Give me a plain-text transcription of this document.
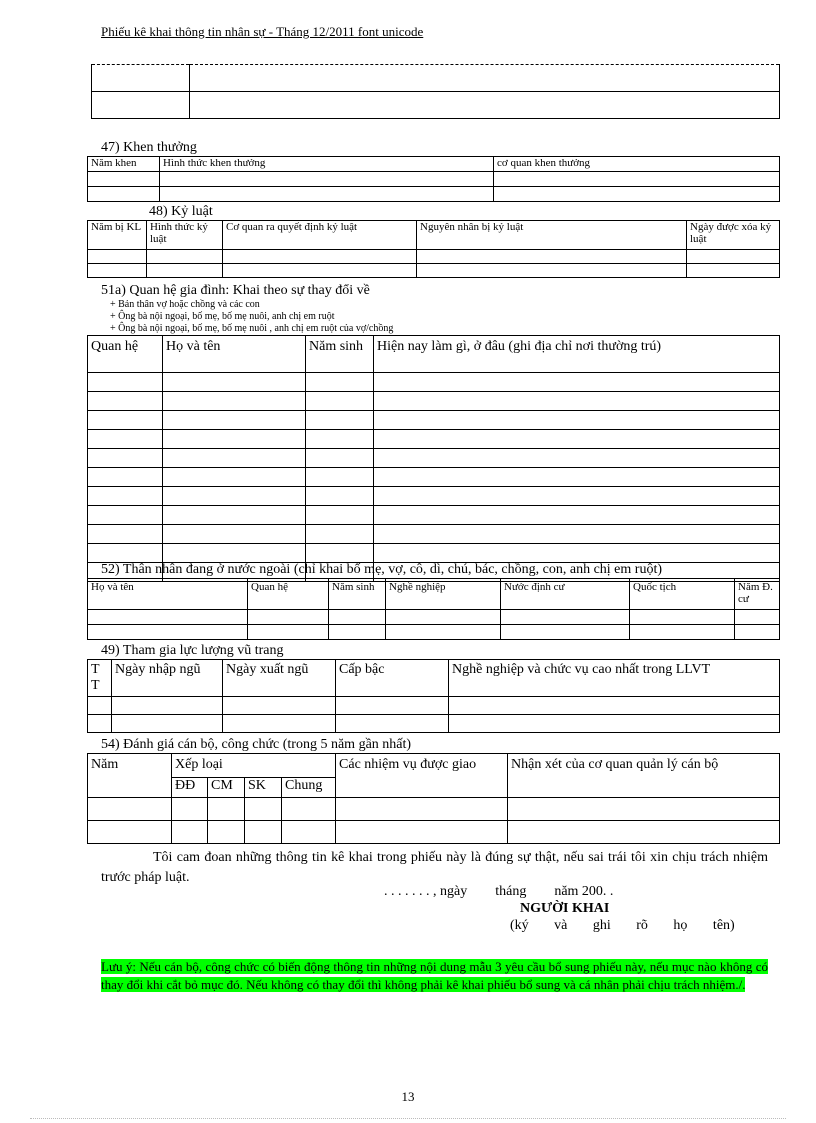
Phiếu kê khai thông tin nhân sự - Tháng 12/2011 font unicode

47) Khen thưởng
Năm khen	Hình thức khen thưởng	cơ quan khen thưởng

48) Kỷ luật
Năm bị KL	Hình thức kỷ luật	Cơ quan ra quyết định kỷ luật	Nguyên nhân bị kỷ luật	Ngày được xóa kỷ luật

51a) Quan hệ gia đình: Khai theo sự thay đổi về
+ Bản thân vợ hoặc chồng và các con
+ Ông bà nội ngoại, bố mẹ, bố mẹ nuôi, anh chị em ruột
+ Ông bà nội ngoại, bố mẹ, bố mẹ nuôi , anh chị em ruột của vợ/chồng
Quan hệ	Họ và tên	Năm sinh	Hiện nay làm gì, ở đâu (ghi địa chỉ nơi thường trú)

52) Thân nhân đang ở nước ngoài (chỉ khai bố mẹ, vợ, cô, dì, chú, bác, chồng, con, anh chị em ruột)
Họ và tên	Quan hệ	Năm sinh	Nghề nghiệp	Nước định cư	Quốc tịch	Năm Đ. cư

49) Tham gia lực lượng vũ trang
TT	Ngày nhập ngũ	Ngày xuất ngũ	Cấp bậc	Nghề nghiệp và chức vụ cao nhất trong LLVT

54) Đánh giá cán bộ, công chức (trong 5 năm gần nhất)
Năm	Xếp loại				Các nhiệm vụ được giao	Nhận xét của cơ quan quản lý cán bộ
	ĐĐ	CM	SK	Chung		

Tôi cam đoan những thông tin kê khai trong phiếu này là đúng sự thật, nếu sai trái tôi xin chịu trách nhiệm trước pháp luật.
. . . . . . . , ngày        tháng        năm 200. .
NGƯỜI KHAI
(ký và ghi rõ họ tên)
Lưu ý: Nếu cán bộ, công chức có biến động thông tin những nội dung mẫu 3 yêu cầu bổ sung phiếu này, nếu mục nào không có thay đổi khi cắt bỏ mục đó. Nếu không có thay đổi thì không phải kê khai phiếu bổ sung và cá nhân phải chịu trách nhiệm./.
13
